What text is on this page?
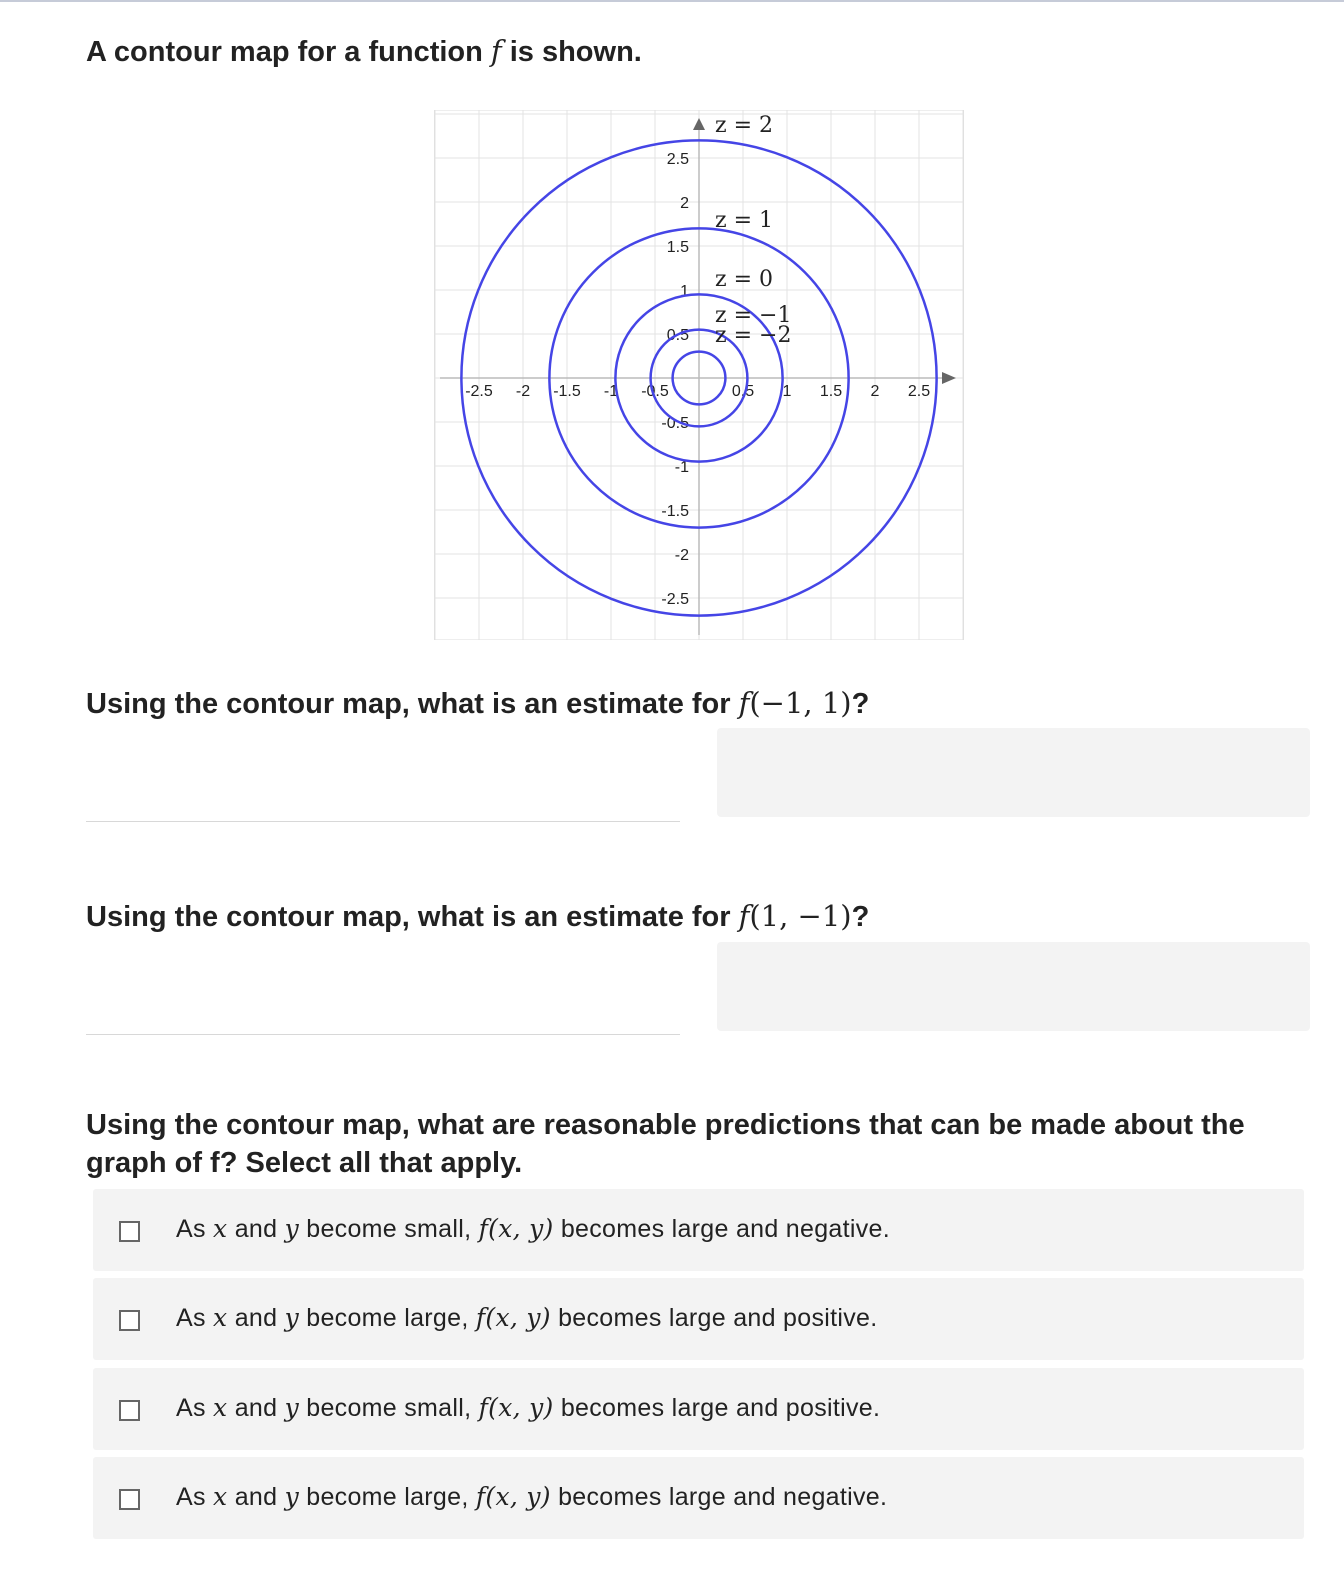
A contour map for a function f is shown.
-2.5 -2 -1.5 -1 -0.5	0.5 1 1.5 2 2.5
2.5
2
1.5
1
0.5
-0.5
-1
-1.5
-2
-2.5
z = 2
z = 1
z = 0
z = −1
z = −2
Using the contour map, what is an estimate for f(−1, 1)?
Using the contour map, what is an estimate for f(1, −1)?
Using the contour map, what are reasonable predictions that can be made about the
graph of f? Select all that apply.
As x and y become small, f(x, y) becomes large and negative.
As x and y become large, f(x, y) becomes large and positive.
As x and y become small, f(x, y) becomes large and positive.
As x and y become large, f(x, y) becomes large and negative.
